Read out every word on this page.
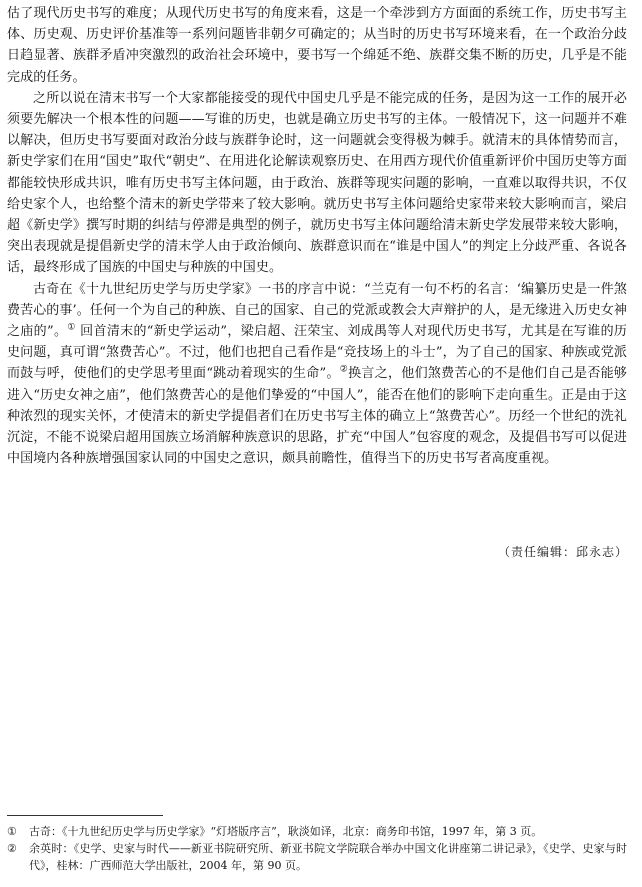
估了现代历史书写的难度；从现代历史书写的角度来看，这是一个牵涉到方方面面的系统工作，历史书写主体、历史观、历史评价基准等一系列问题皆非朝夕可确定的；从当时的历史书写环境来看，在一个政治分歧日趋显著、族群矛盾冲突激烈的政治社会环境中，要书写一个绵延不绝、族群交集不断的历史，几乎是不能完成的任务。

之所以说在清末书写一个大家都能接受的现代中国史几乎是不能完成的任务，是因为这一工作的展开必须要先解决一个根本性的问题——写谁的历史，也就是确立历史书写的主体。一般情况下，这一问题并不难以解决，但历史书写要面对政治分歧与族群争论时，这一问题就会变得极为棘手。就清末的具体情势而言，新史学家们在用“国史”取代“朝史”、在用进化论解读观察历史、在用西方现代价值重新评价中国历史等方面都能较快形成共识，唯有历史书写主体问题，由于政治、族群等现实问题的影响，一直难以取得共识，不仅给史家个人，也给整个清末的新史学带来了较大影响。就历史书写主体问题给史家带来较大影响而言，梁启超《新史学》撰写时期的纠结与停滞是典型的例子，就历史书写主体问题给清末新史学发展带来较大影响，突出表现就是提倡新史学的清末学人由于政治倾向、族群意识而在“谁是中国人”的判定上分歧严重、各说各话，最终形成了国族的中国史与种族的中国史。

古奇在《十九世纪历史学与历史学家》一书的序言中说：“兰克有一句不朽的名言：‘编纂历史是一件煞费苦心的事’。任何一个为自己的种族、自己的国家、自己的党派或教会大声辩护的人，是无缘进入历史女神之庙的”。① 回首清末的“新史学运动”，梁启超、汪荣宝、刘成禺等人对现代历史书写，尤其是在写谁的历史问题，真可谓“煞费苦心”。不过，他们也把自己看作是“竞技场上的斗士”，为了自己的国家、种族或党派而鼓与呼，使他们的史学思考里面“跳动着现实的生命”。②换言之，他们煞费苦心的不是他们自己是否能够进入“历史女神之庙”，他们煞费苦心的是他们挚爱的“中国人”，能否在他们的影响下走向重生。正是由于这种浓烈的现实关怀，才使清末的新史学提倡者们在历史书写主体的确立上“煞费苦心”。历经一个世纪的洗礼沉淀，不能不说梁启超用国族立场消解种族意识的思路，扩充“中国人”包容度的观念，及提倡书写可以促进中国境内各种族增强国家认同的中国史之意识，颇具前瞻性，值得当下的历史书写者高度重视。

（责任编辑：邱永志）
①	古奇：《十九世纪历史学与历史学家》“灯塔版序言”，耿淡如译，北京：商务印书馆，1997 年，第 3 页。
②	余英时：《史学、史家与时代——新亚书院研究所、新亚书院文学院联合举办中国文化讲座第二讲记录》，《史学、史家与时代》，桂林：广西师范大学出版社，2004 年，第 90 页。
